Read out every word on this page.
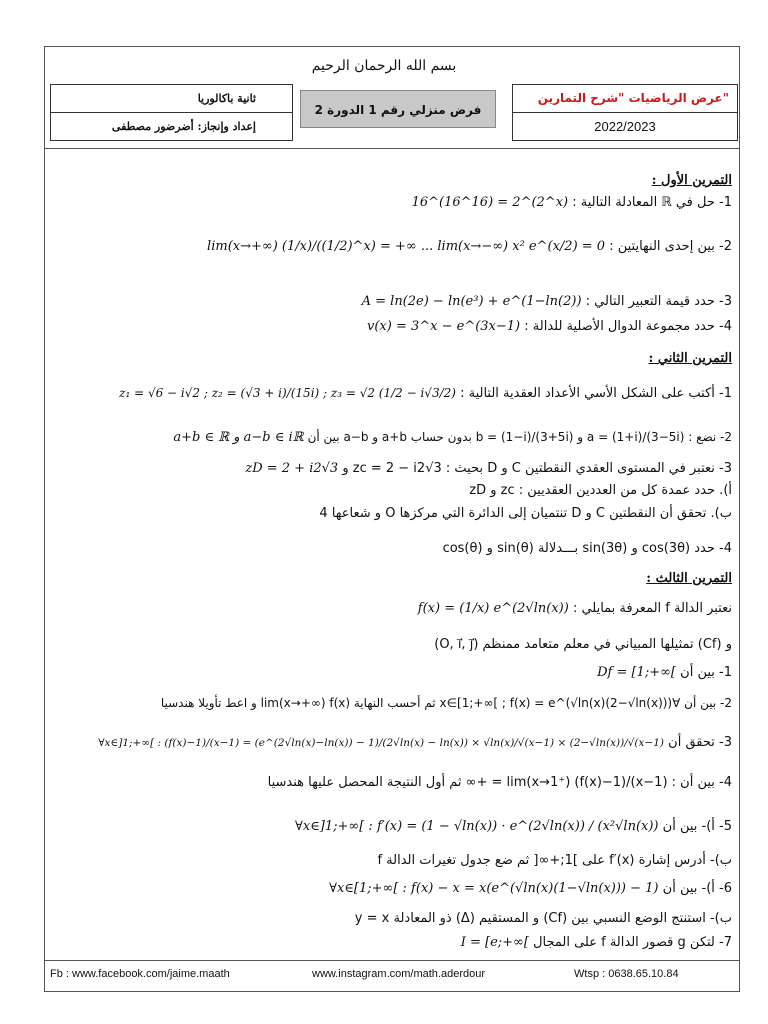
بسم الله الرحمان الرحيم
ثانية باكالوريا
إعداد وإنجاز: أضرضور مصطفى
فرض منزلي رقم 1 الدورة 2
عرض الرياضيات "شرح التمارين"
2022/2023
التمرين الأول :
1- حل في ℝ المعادلة التالية : 16^(16^16) = 2^(2^x)
2- بين إحدى النهايتين : lim(x→+∞) (1/x)/((1/2)^x) = +∞ ... lim(x→−∞) x² e^(x/2) = 0
3- حدد قيمة التعبير التالي : A = ln(2e) − ln(e³) + e^(1−ln(2))
4- حدد مجموعة الدوال الأصلية للدالة : v(x) = 3^x − e^(3x−1)
التمرين الثاني :
1- أكتب على الشكل الأسي الأعداد العقدية التالية : z₁ = √6 − i√2 ; z₂ = (√3 + i)/(15i) ; z₃ = √2 (1/2 − i√3/2)
2- نضع : a = (1+i)/(3−5i) و b = (1−i)/(3+5i) بدون حساب a+b و a−b بين أن a+b ∈ ℝ و a−b ∈ iℝ
3- نعتبر في المستوى العقدي النقطتين C و D بحيث : zc = 2 − i2√3 و zD = 2 + i2√3
أ). حدد عمدة كل من العددين العقديين : zc و zD
ب). تحقق أن النقطتين C و D تنتميان إلى الدائرة التي مركزها O و شعاعها 4
4- حدد cos(3θ) و sin(3θ) بـــدلالة sin(θ) و cos(θ)
التمرين الثالث :
نعتبر الدالة f المعرفة بمايلي : f(x) = (1/x) e^(2√ln(x))
و (Cf) تمثيلها المبياني في معلم متعامد ممنظم (O, i⃗, j⃗)
1- بين أن Df = [1;+∞[
2- بين أن ∀x∈[1;+∞[ ; f(x) = e^(√ln(x)(2−√ln(x))) ثم أحسب النهاية lim(x→+∞) f(x) و اعط تأويلا هندسيا
3- تحقق أن ∀x∈]1;+∞[ : (f(x)−1)/(x−1) = (e^(2√ln(x)−ln(x)) − 1)/(2√ln(x) − ln(x)) × √ln(x)/√(x−1) × (2−√ln(x))/√(x−1)
4- بين أن : lim(x→1⁺) (f(x)−1)/(x−1) = +∞ ثم أول النتيجة المحصل عليها هندسيا
5- أ)- بين أن ∀x∈]1;+∞[ : f′(x) = (1 − √ln(x)) · e^(2√ln(x)) / (x²√ln(x))
ب)- أدرس إشارة f′(x) على ]1;+∞[ ثم ضع جدول تغيرات الدالة f
6- أ)- بين أن ∀x∈[1;+∞[ : f(x) − x = x(e^(√ln(x)(1−√ln(x))) − 1)
ب)- استنتج الوضع النسبي بين (Cf) و المستقيم (Δ) ذو المعادلة y = x
7- لتكن g قصور الدالة f على المجال I = [e;+∞[
Fb : www.facebook.com/jaime.maath	www.instagram.com/math.aderdour	Wtsp : 0638.65.10.84
